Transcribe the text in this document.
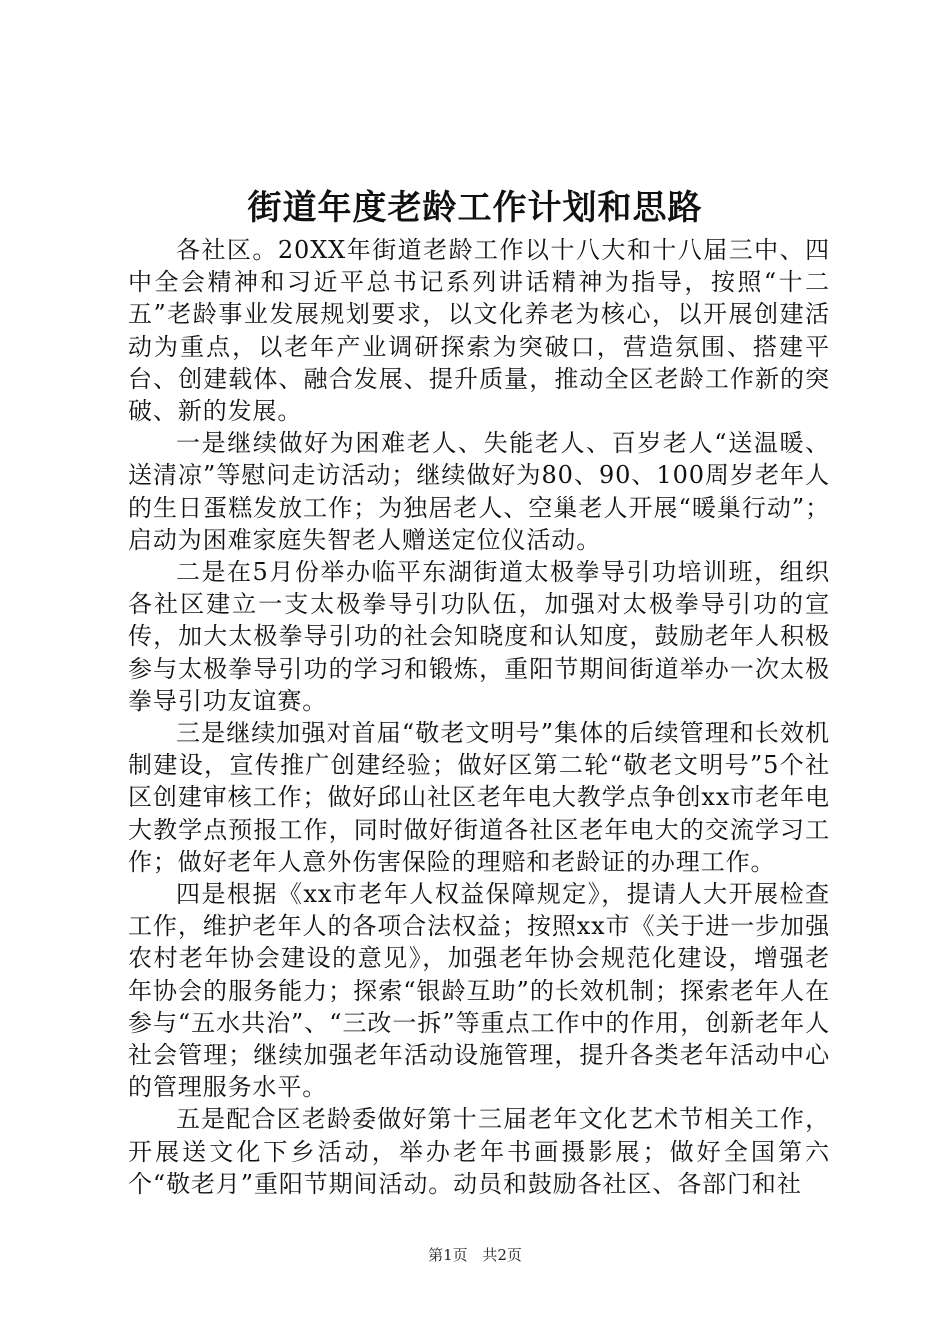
街道年度老龄工作计划和思路

各社区。20XX年街道老龄工作以十八大和十八届三中、四中全会精神和习近平总书记系列讲话精神为指导，按照“十二五”老龄事业发展规划要求，以文化养老为核心，以开展创建活动为重点，以老年产业调研探索为突破口，营造氛围、搭建平台、创建载体、融合发展、提升质量，推动全区老龄工作新的突破、新的发展。

一是继续做好为困难老人、失能老人、百岁老人“送温暖、送清凉”等慰问走访活动；继续做好为80、90、100周岁老年人的生日蛋糕发放工作；为独居老人、空巢老人开展“暖巢行动”；启动为困难家庭失智老人赠送定位仪活动。

二是在5月份举办临平东湖街道太极拳导引功培训班，组织各社区建立一支太极拳导引功队伍，加强对太极拳导引功的宣传，加大太极拳导引功的社会知晓度和认知度，鼓励老年人积极参与太极拳导引功的学习和锻炼，重阳节期间街道举办一次太极拳导引功友谊赛。

三是继续加强对首届“敬老文明号”集体的后续管理和长效机制建设，宣传推广创建经验；做好区第二轮“敬老文明号”5个社区创建审核工作；做好邱山社区老年电大教学点争创xx市老年电大教学点预报工作，同时做好街道各社区老年电大的交流学习工作；做好老年人意外伤害保险的理赔和老龄证的办理工作。

四是根据《xx市老年人权益保障规定》，提请人大开展检查工作，维护老年人的各项合法权益；按照xx市《关于进一步加强农村老年协会建设的意见》，加强老年协会规范化建设，增强老年协会的服务能力；探索“银龄互助”的长效机制；探索老年人在参与“五水共治”、“三改一拆”等重点工作中的作用，创新老年人社会管理；继续加强老年活动设施管理，提升各类老年活动中心的管理服务水平。

五是配合区老龄委做好第十三届老年文化艺术节相关工作，开展送文化下乡活动，举办老年书画摄影展；做好全国第六个“敬老月”重阳节期间活动。动员和鼓励各社区、各部门和社

第1页 共2页
